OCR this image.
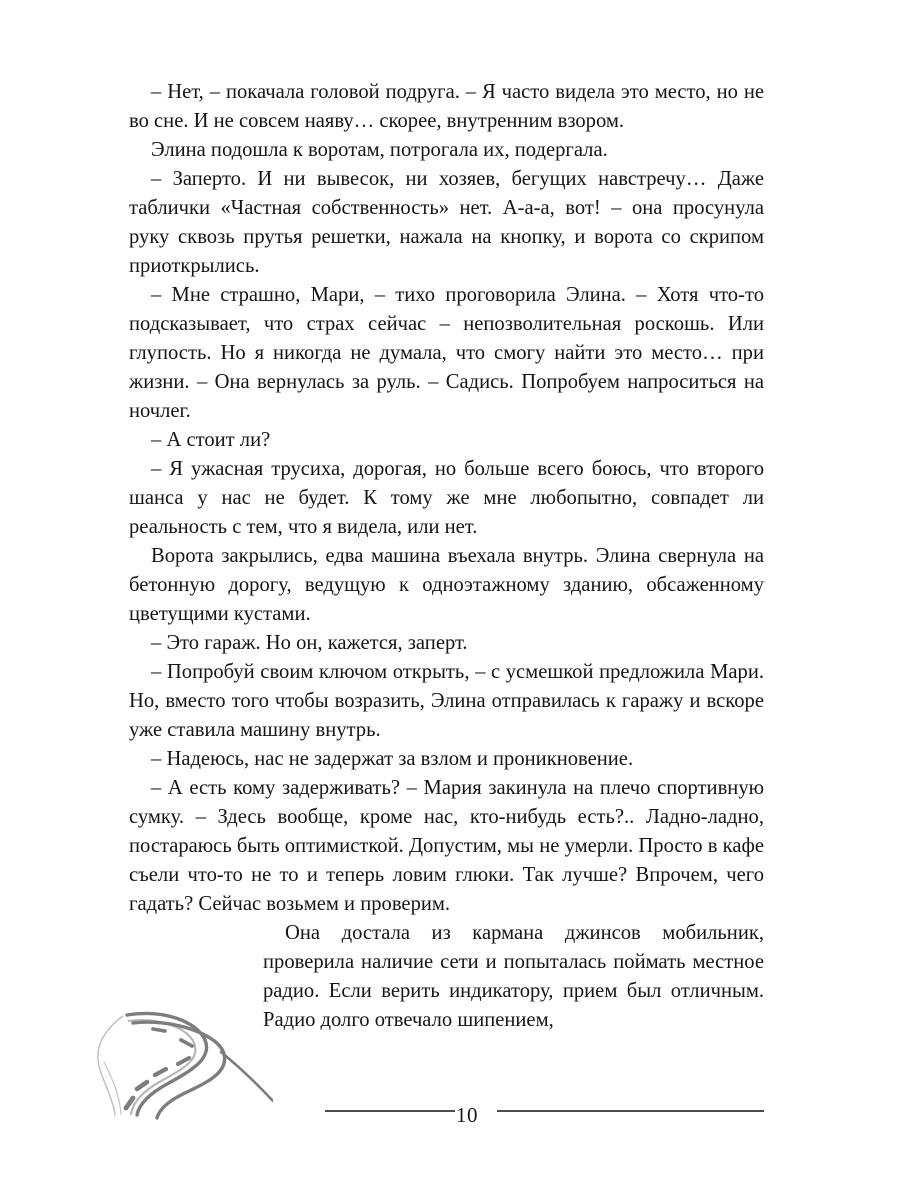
– Нет, – покачала головой подруга. – Я часто видела это место, но не во сне. И не совсем наяву… скорее, внутренним взором.

Элина подошла к воротам, потрогала их, подергала.

– Заперто. И ни вывесок, ни хозяев, бегущих навстречу… Даже таблички «Частная собственность» нет. А-а-а, вот! – она просунула руку сквозь прутья решетки, нажала на кнопку, и ворота со скрипом приоткрылись.

– Мне страшно, Мари, – тихо проговорила Элина. – Хотя что-то подсказывает, что страх сейчас – непозволительная роскошь. Или глупость. Но я никогда не думала, что смогу найти это место… при жизни. – Она вернулась за руль. – Садись. Попробуем напроситься на ночлег.

– А стоит ли?

– Я ужасная трусиха, дорогая, но больше всего боюсь, что второго шанса у нас не будет. К тому же мне любопытно, совпадет ли реальность с тем, что я видела, или нет.

Ворота закрылись, едва машина въехала внутрь. Элина свернула на бетонную дорогу, ведущую к одноэтажному зданию, обсаженному цветущими кустами.

– Это гараж. Но он, кажется, заперт.

– Попробуй своим ключом открыть, – с усмешкой предложила Мари. Но, вместо того чтобы возразить, Элина отправилась к гаражу и вскоре уже ставила машину внутрь.

– Надеюсь, нас не задержат за взлом и проникновение.

– А есть кому задерживать? – Мария закинула на плечо спортивную сумку. – Здесь вообще, кроме нас, кто-нибудь есть?.. Ладно-ладно, постараюсь быть оптимисткой. Допустим, мы не умерли. Просто в кафе съели что-то не то и теперь ловим глюки. Так лучше? Впрочем, чего гадать? Сейчас возьмем и проверим.

Она достала из кармана джинсов мобильник, проверила наличие сети и попыталась поймать местное радио. Если верить индикатору, прием был отличным. Радио долго отвечало шипением,

10
